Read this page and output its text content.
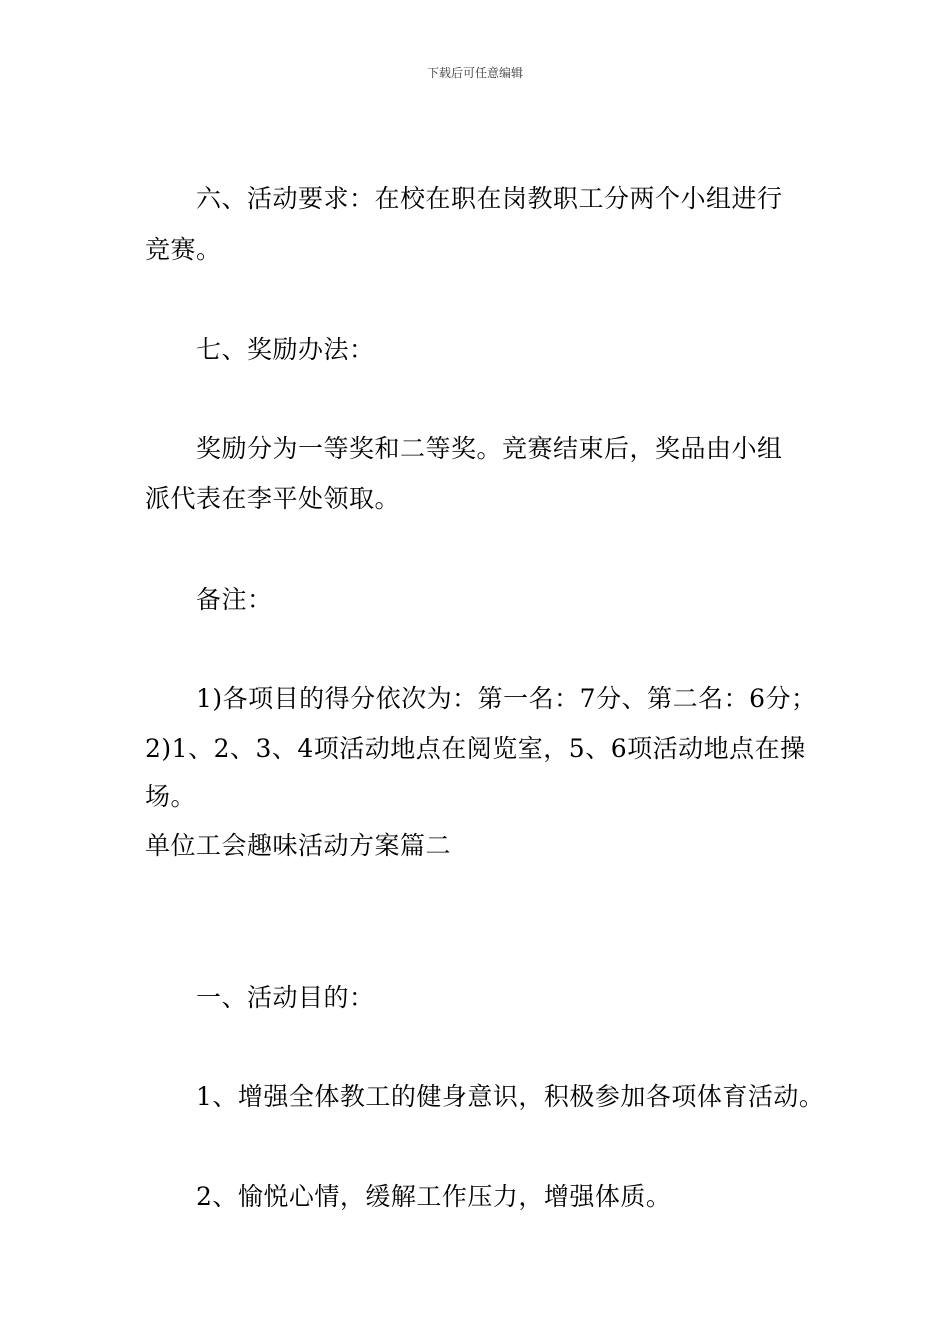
下载后可任意编辑
六、活动要求：在校在职在岗教职工分两个小组进行
竞赛。
七、奖励办法：
奖励分为一等奖和二等奖。竞赛结束后，奖品由小组
派代表在李平处领取。
备注：
1)各项目的得分依次为：第一名：7分、第二名：6分；
2)1、2、3、4项活动地点在阅览室，5、6项活动地点在操
场。
单位工会趣味活动方案篇二
一、活动目的：
1、增强全体教工的健身意识，积极参加各项体育活动。
2、愉悦心情，缓解工作压力，增强体质。
